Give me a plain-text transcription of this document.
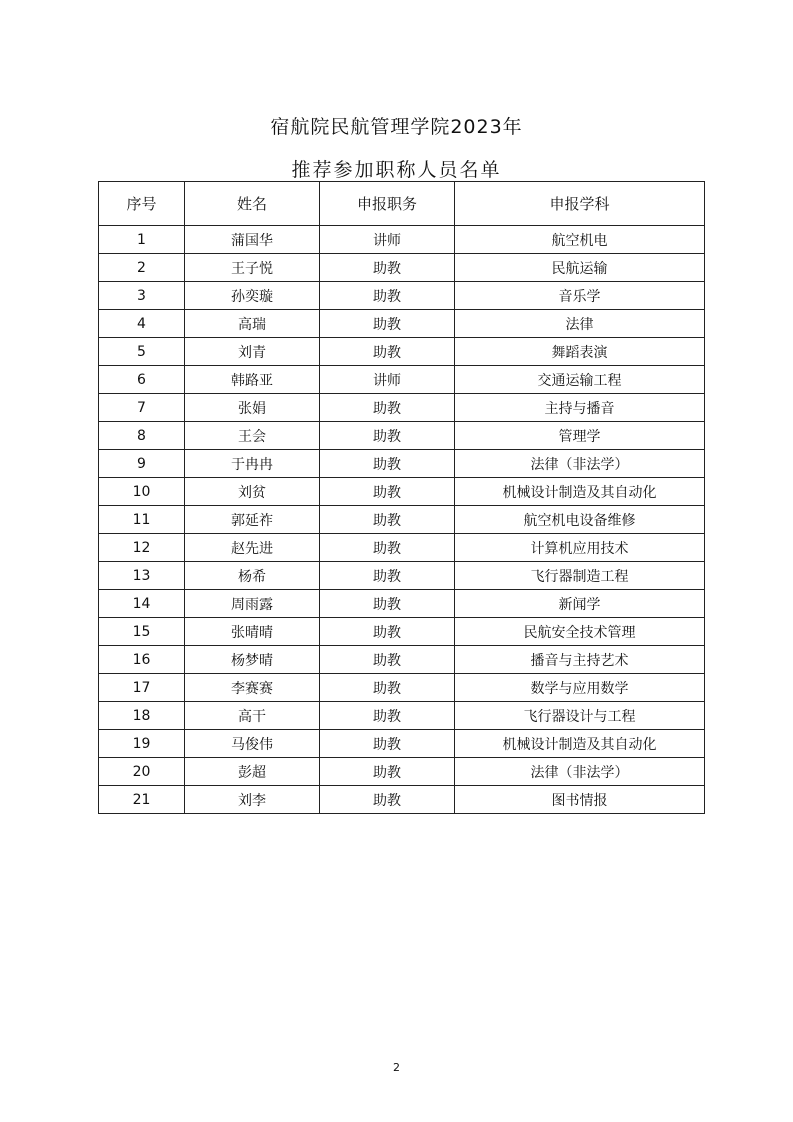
宿航院民航管理学院2023年
推荐参加职称人员名单
序号	姓名	申报职务	申报学科
1	蒲国华	讲师	航空机电
2	王子悦	助教	民航运输
3	孙奕璇	助教	音乐学
4	高瑞	助教	法律
5	刘青	助教	舞蹈表演
6	韩路亚	讲师	交通运输工程
7	张娟	助教	主持与播音
8	王会	助教	管理学
9	于冉冉	助教	法律（非法学）
10	刘贫	助教	机械设计制造及其自动化
11	郭延祚	助教	航空机电设备维修
12	赵先进	助教	计算机应用技术
13	杨希	助教	飞行器制造工程
14	周雨露	助教	新闻学
15	张晴晴	助教	民航安全技术管理
16	杨梦晴	助教	播音与主持艺术
17	李赛赛	助教	数学与应用数学
18	高干	助教	飞行器设计与工程
19	马俊伟	助教	机械设计制造及其自动化
20	彭超	助教	法律（非法学）
21	刘李	助教	图书情报
2
